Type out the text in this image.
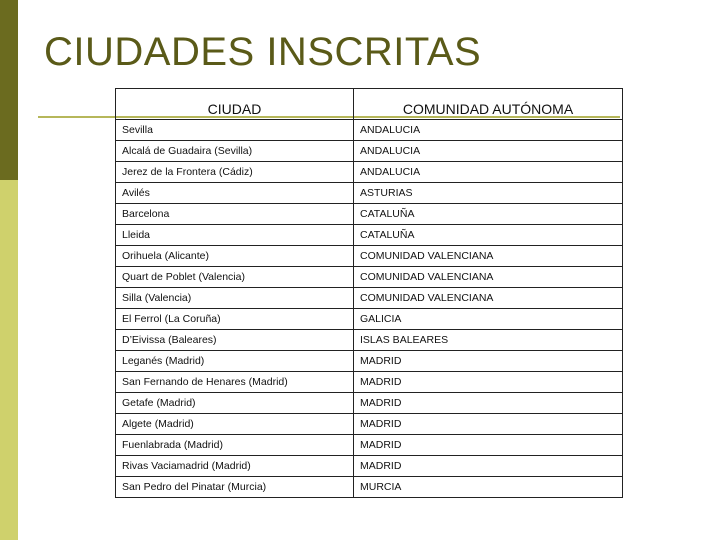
CIUDADES INSCRITAS
CIUDAD	COMUNIDAD AUTÓNOMA
Sevilla	ANDALUCIA
Alcalá de Guadaira (Sevilla)	ANDALUCIA
Jerez de la Frontera (Cádiz)	ANDALUCIA
Avilés	ASTURIAS
Barcelona	CATALUÑA
Lleida	CATALUÑA
Orihuela (Alicante)	COMUNIDAD VALENCIANA
Quart de Poblet (Valencia)	COMUNIDAD VALENCIANA
Silla (Valencia)	COMUNIDAD VALENCIANA
El Ferrol (La Coruña)	GALICIA
D’Eivissa (Baleares)	ISLAS BALEARES
Leganés (Madrid)	MADRID
San Fernando de Henares (Madrid)	MADRID
Getafe (Madrid)	MADRID
Algete (Madrid)	MADRID
Fuenlabrada (Madrid)	MADRID
Rivas Vaciamadrid (Madrid)	MADRID
San Pedro del Pinatar (Murcia)	MURCIA
